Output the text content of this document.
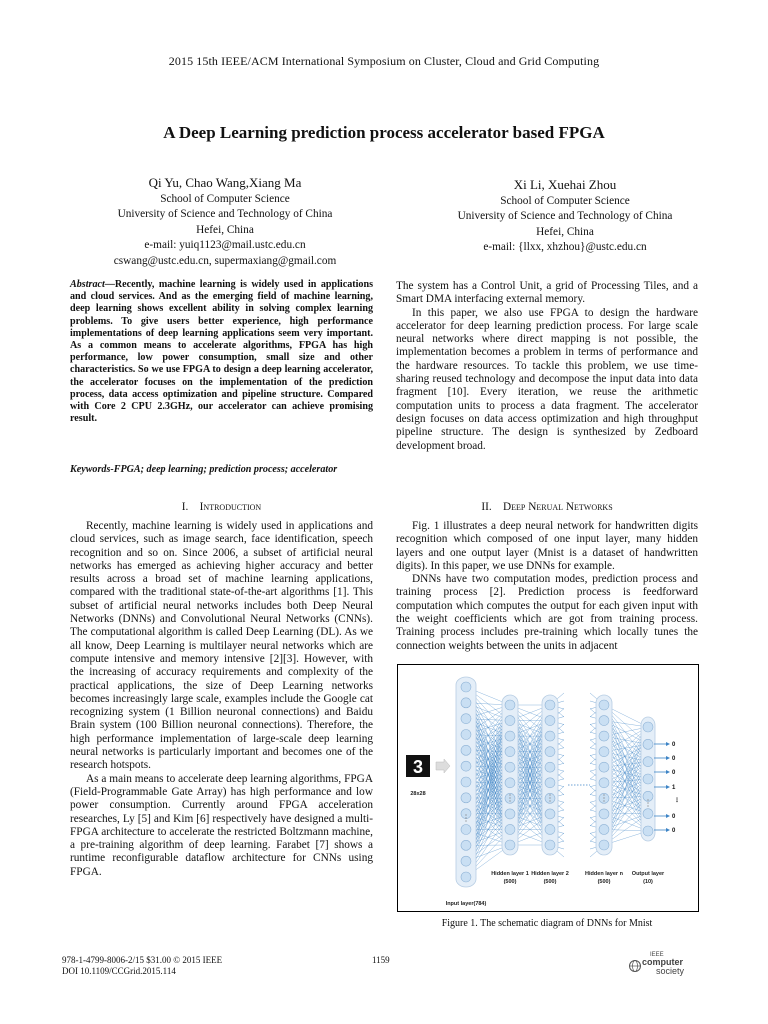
2015 15th IEEE/ACM International Symposium on Cluster, Cloud and Grid Computing
A Deep Learning prediction process accelerator based FPGA
Qi Yu, Chao Wang,Xiang Ma
School of Computer Science
University of Science and Technology of China
Hefei, China
e-mail: yuiq1123@mail.ustc.edu.cn
cswang@ustc.edu.cn, supermaxiang@gmail.com
Xi Li, Xuehai Zhou
School of Computer Science
University of Science and Technology of China
Hefei, China
e-mail: {llxx, xhzhou}@ustc.edu.cn
Abstract—Recently, machine learning is widely used in applications and cloud services. And as the emerging field of machine learning, deep learning shows excellent ability in solving complex learning problems. To give users better experience, high performance implementations of deep learning applications seem very important. As a common means to accelerate algorithms, FPGA has high performance, low power consumption, small size and other characteristics. So we use FPGA to design a deep learning accelerator, the accelerator focuses on the implementation of the prediction process, data access optimization and pipeline structure. Compared with Core 2 CPU 2.3GHz, our accelerator can achieve promising result.
Keywords-FPGA; deep learning; prediction process; accelerator
I. Introduction

Recently, machine learning is widely used in applications and cloud services, such as image search, face identification, speech recognition and so on. Since 2006, a subset of artificial neural networks has emerged as achieving higher accuracy and better results across a broad set of machine learning applications, compared with the traditional state-of-the-art algorithms [1]. This subset of artificial neural networks includes both Deep Neural Networks (DNNs) and Convolutional Neural Networks (CNNs). The computational algorithm is called Deep Learning (DL). As we all know, Deep Learning is multilayer neural networks which are compute intensive and memory intensive [2][3]. However, with the increasing of accuracy requirements and complexity of the practical applications, the size of Deep Learning networks becomes increasingly large scale, examples include the Google cat recognizing system (1 Billion neuronal connections) and Baidu Brain system (100 Billion neuronal connections). Therefore, the high performance implementation of large-scale deep learning neural networks is particularly important and becomes one of the research hotspots.

As a main means to accelerate deep learning algorithms, FPGA (Field-Programmable Gate Array) has high performance and low power consumption. Currently around FPGA acceleration researches, Ly [5] and Kim [6] respectively have designed a multi-FPGA architecture to accelerate the restricted Boltzmann machine, a pre-training algorithm of deep learning. Farabet [7] shows a runtime reconfigurable dataflow architecture for CNNs using FPGA.

The system has a Control Unit, a grid of Processing Tiles, and a Smart DMA interfacing external memory.

In this paper, we also use FPGA to design the hardware accelerator for deep learning prediction process. For large scale neural networks where direct mapping is not possible, the implementation becomes a problem in terms of performance and the hardware resources. To tackle this problem, we use time-sharing reused technology and decompose the input data into data fragment [10]. Every iteration, we reuse the arithmetic computation units to process a data fragment. The accelerator design focuses on data access optimization and high throughput pipeline structure. The design is synthesized by Zedboard development broad.

II. Deep Nerual Networks

Fig. 1 illustrates a deep neural network for handwritten digits recognition which composed of one input layer, many hidden layers and one output layer (Mnist is a dataset of handwritten digits). In this paper, we use DNNs for example.

DNNs have two computation modes, prediction process and training process [2]. Prediction process is feedforward computation which computes the output for each given input with the weight coefficients which are got from training process. Training process includes pre-training which locally tunes the connection weights between the units in adjacent

3
28x28
Input layer(784)
Hidden layer 1
(500)
Hidden layer 2
(500)
Hidden layer n
(500)
Output layer
(10)
0
0
0
1
0
0
⋮
Figure 1. The schematic diagram of DNNs for Mnist
978-1-4799-8006-2/15 $31.00 © 2015 IEEE
DOI 10.1109/CCGrid.2015.114
1159	IEEE
computer
society
